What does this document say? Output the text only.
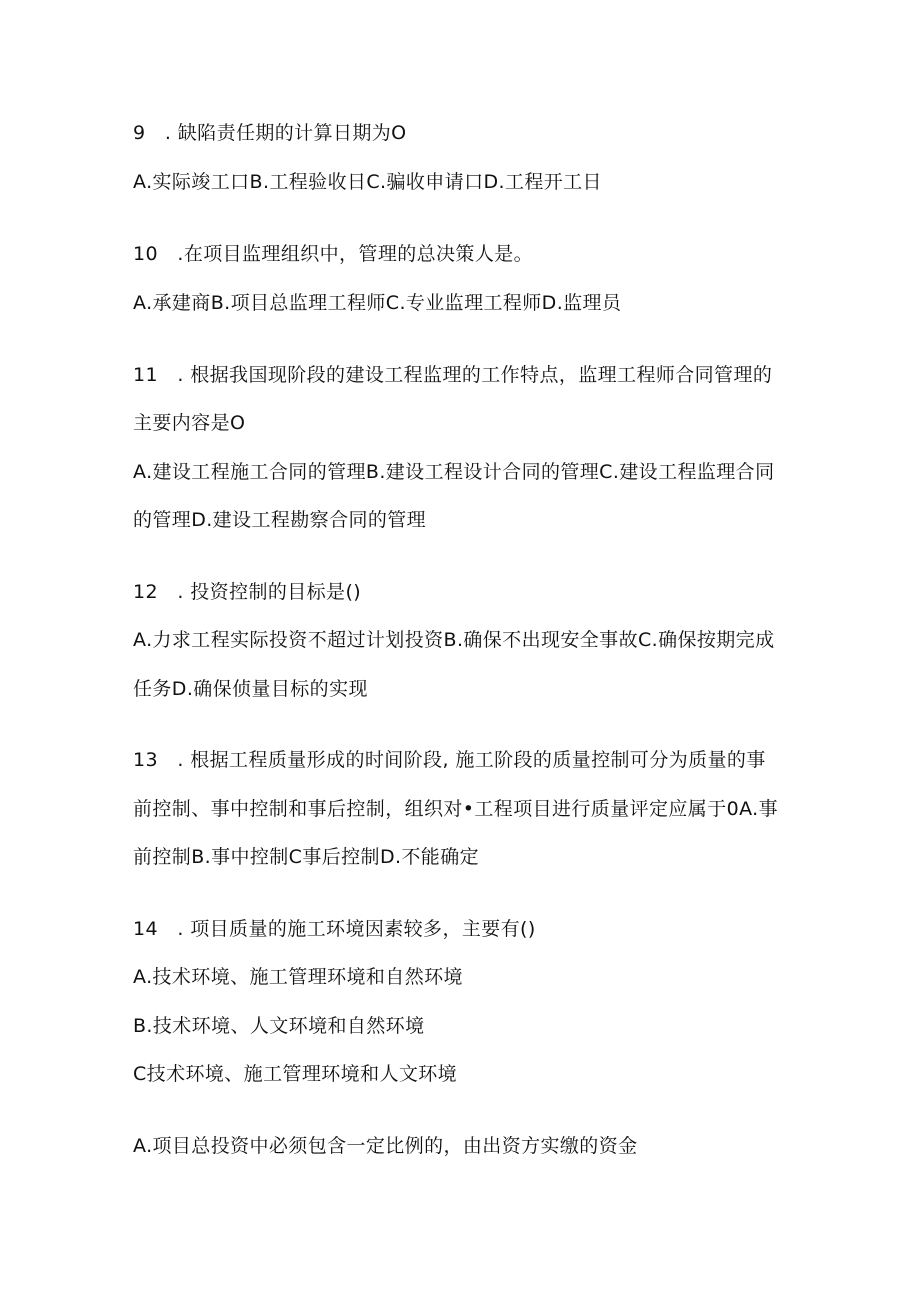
9　. 缺陷责任期的计算日期为O
A.实际竣工口B.工程验收日C.骗收申请口D.工程开工日
10　.在项目监理组织中，管理的总决策人是。
A.承建商B.项目总监理工程师C.专业监理工程师D.监理员
11　. 根据我国现阶段的建设工程监理的工作特点，监理工程师合同管理的
主要内容是O
A.建设工程施工合同的管理B.建设工程设计合同的管理C.建设工程监理合同
的管理D.建设工程勘察合同的管理
12　. 投资控制的目标是()
A.力求工程实际投资不超过计划投资B.确保不出现安全事故C.确保按期完成
任务D.确保侦量目标的实现
13　. 根据工程质量形成的时间阶段, 施工阶段的质量控制可分为质量的事
前控制、事中控制和事后控制，组织对•工程项目进行质量评定应属于0A.事
前控制B.事中控制C事后控制D.不能确定
14　. 项目质量的施工环境因素较多，主要有()
A.技术环境、施工管理环境和自然环境
B.技术环境、人文环境和自然环境
C技术环境、施工管理环境和人文环境
A.项目总投资中必须包含一定比例的，由出资方实缴的资金
